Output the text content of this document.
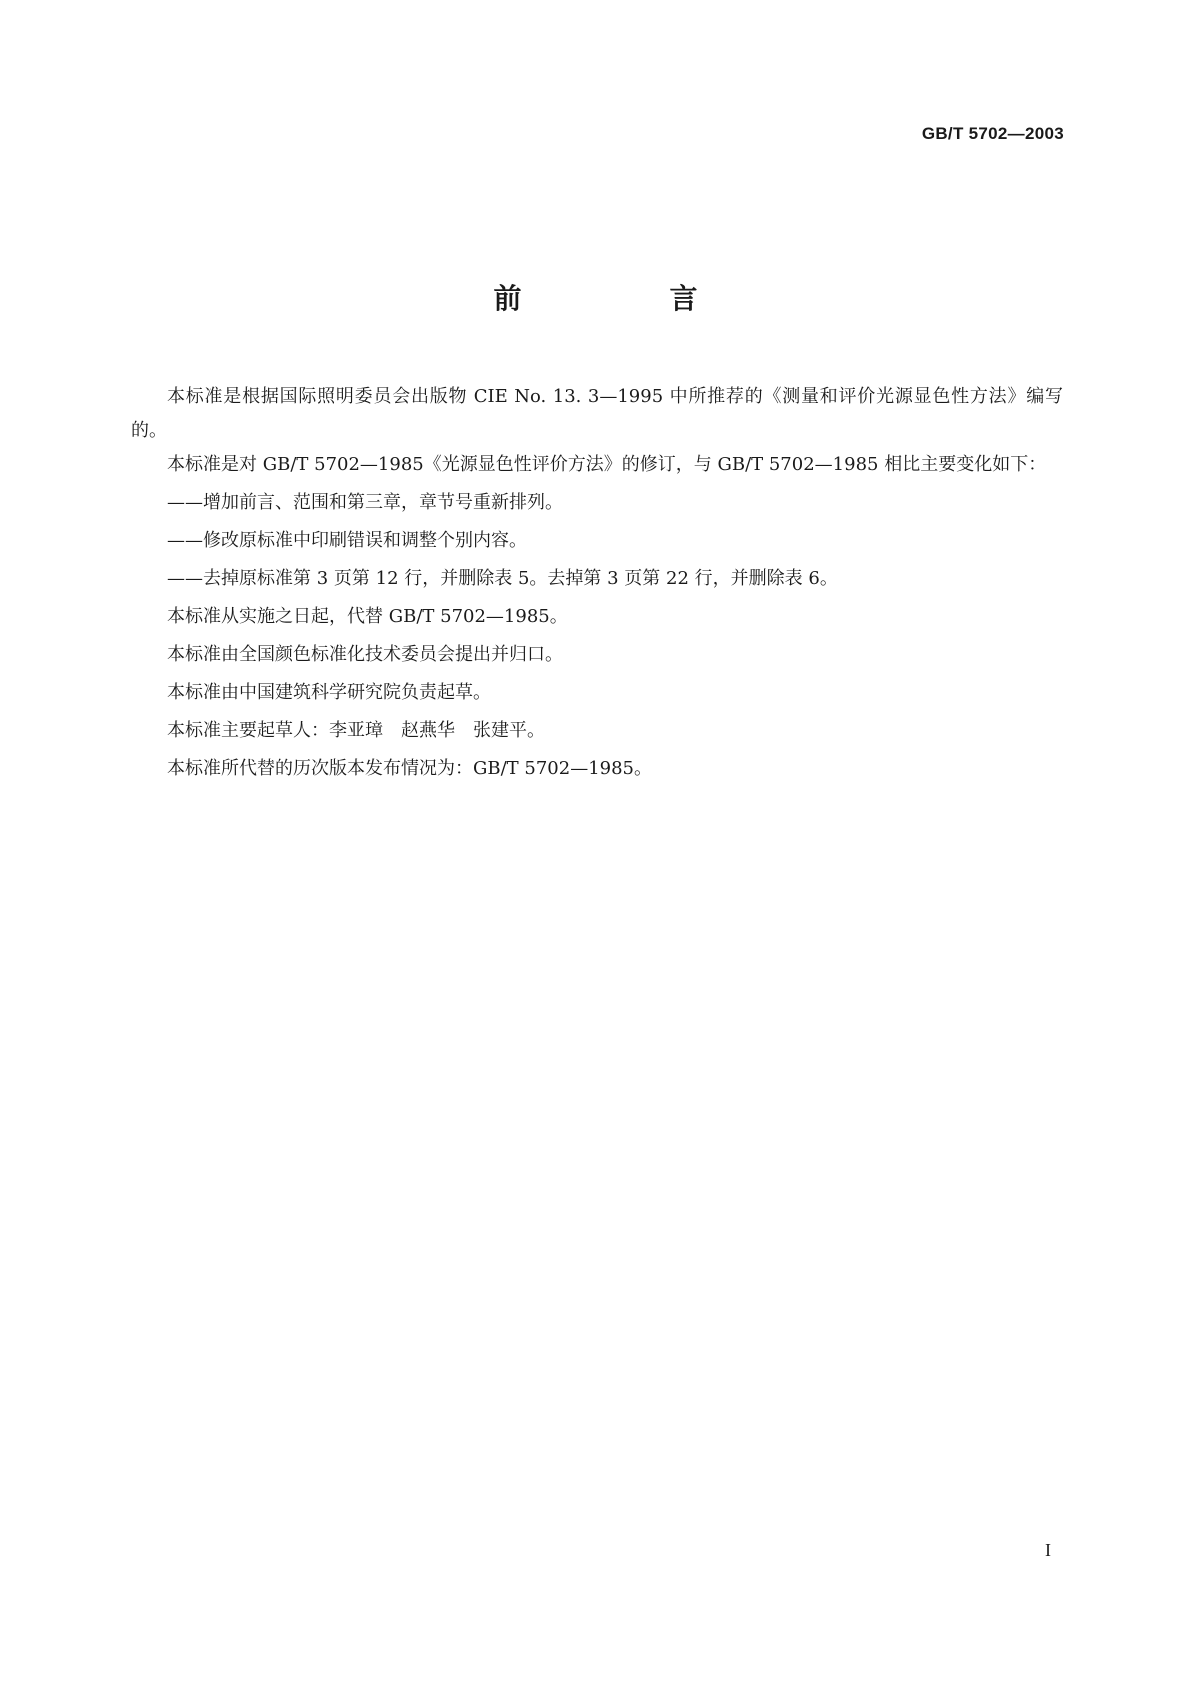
GB/T 5702—2003
前　言

本标准是根据国际照明委员会出版物 CIE No. 13. 3—1995 中所推荐的《测量和评价光源显色性方法》编写的。

本标准是对 GB/T 5702—1985《光源显色性评价方法》的修订，与 GB/T 5702—1985 相比主要变化如下：

——增加前言、范围和第三章，章节号重新排列。

——修改原标准中印刷错误和调整个别内容。

——去掉原标准第 3 页第 12 行，并删除表 5。去掉第 3 页第 22 行，并删除表 6。

本标准从实施之日起，代替 GB/T 5702—1985。

本标准由全国颜色标准化技术委员会提出并归口。

本标准由中国建筑科学研究院负责起草。

本标准主要起草人：李亚璋　赵燕华　张建平。

本标准所代替的历次版本发布情况为：GB/T 5702—1985。

I
